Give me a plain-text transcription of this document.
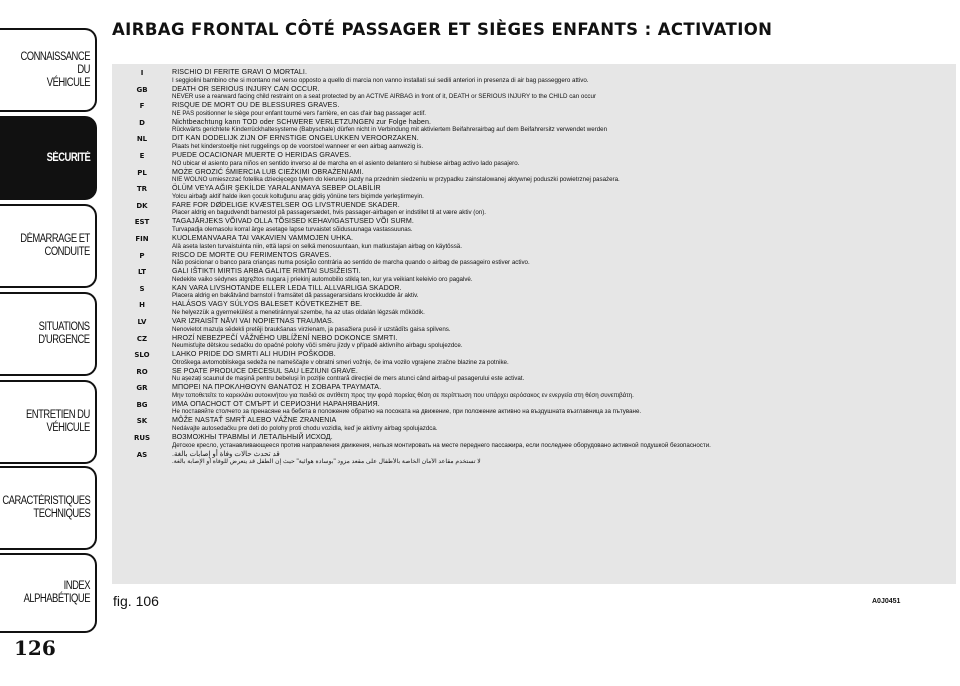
CONNAISSANCE DU
VÉHICULE
SÉCURITÉ
DÉMARRAGE ET
CONDUITE
SITUATIONS
D'URGENCE
ENTRETIEN DU
VÉHICULE
CARACTÉRISTIQUES
TECHNIQUES
INDEX
ALPHABÉTIQUE
126
AIRBAG FRONTAL CÔTÉ PASSAGER ET SIÈGES ENFANTS : ACTIVATION
I	RISCHIO DI FERITE GRAVI O MORTALI.
I seggiolini bambino che si montano nel verso opposto a quello di marcia non vanno installati sui sedili anteriori in presenza di air bag passeggero attivo.
GB	DEATH OR SERIOUS INJURY CAN OCCUR.
NEVER use a rearward facing child restraint on a seat protected by an ACTIVE AIRBAG in front of it, DEATH or SERIOUS INJURY to the CHILD can occur
F	RISQUE DE MORT OU DE BLESSURES GRAVES.
NE PAS positionner le siège pour enfant tourné vers l'arrière, en cas d'air bag passager actif.
D	Nichtbeachtung kann TOD oder SCHWERE VERLETZUNGEN zur Folge haben.
Rückwärts gerichtete Kinderrückhaltesysteme (Babyschale) dürfen nicht in Verbindung mit aktiviertem Beifahrerairbag auf dem Beifahrersitz verwendet werden
NL	DIT KAN DODELIJK ZIJN OF ERNSTIGE ONGELUKKEN VEROORZAKEN.
Plaats het kinderstoeltje niet ruggelings op de voorstoel wanneer er een airbag aanwezig is.
E	PUEDE OCACIONAR MUERTE O HERIDAS GRAVES.
NO ubicar el asiento para niños en sentido inverso al de marcha en el asiento delantero si hubiese airbag activo lado pasajero.
PL	MOŻE GROZIĆ ŚMIERCIA LUB CIEŻKIMI OBRAŻENIAMI.
NIE WOLNO umieszczać fotelika dziecięcego tyłem do kierunku jazdy na przednim siedzeniu w przypadku zainstalowanej aktywnej poduszki powietrznej pasażera.
TR	ÖLÜM VEYA AĞIR ŞEKİLDE YARALANMAYA SEBEP OLABİLİR
Yolcu airbağı aktif halde iken çocuk koltuğunu araç gidiş yönüne ters biçimde yerleştirmeyin.
DK	FARE FOR DØDELIGE KVÆSTELSER OG LIVSTRUENDE SKADER.
Placer aldrig en bagudvendt barnestol på passagersædet, hvis passager-airbagen er indstillet til at være aktiv (on).
EST	TAGAJÄRJEKS VÕIVAD OLLA TÕSISED KEHAVIGASTUSED VÕI SURM.
Turvapadja olemasolu korral ärge asetage lapse turvaistet sõidusuunaga vastassuunas.
FIN	KUOLEMANVAARA TAI VAKAVIEN VAMMOJEN UHKA.
Älä aseta lasten turvaistuinta niin, että lapsi on selkä menosuuntaan, kun matkustajan airbag on käytössä.
P	RISCO DE MORTE OU FERIMENTOS GRAVES.
Não posicionar o banco para crianças numa posição contrária ao sentido de marcha quando o airbag de passageiro estiver activo.
LT	GALI IŠTIKTI MIRTIS ARBA GALITE RIMTAI SUSIŽEISTI.
Nedekite vaiko sėdynes atgręžtos nugara į priekinį automobilio stiklą ten, kur yra veikiant keleivio oro pagalvė.
S	KAN VARA LIVSHOTANDE ELLER LEDA TILL ALLVARLIGA SKADOR.
Placera aldrig en bakåtvänd barnstol i framsätet då passagerarsidans krockkudde är aktiv.
H	HALÁSOS VAGY SÚLYOS BALESET KÖVETKEZHET BE.
Ne helyezzük a gyermekülést a menetiránnyal szembe, ha az utas oldalán légzsák működik.
LV	VAR IZRAISĪT NĀVI VAI NOPIETNAS TRAUMAS.
Nenovietot mazuļa sēdekli pretēji braukšanas virzienam, ja pasažiera pusē ir uzstādīts gaisa spilvens.
CZ	HROZÍ NEBEZPEČÍ VÁŽNÉHO UBLÍŽENÍ NEBO DOKONCE SMRTI.
Neumisťujte dětskou sedačku do opačné polohy vůči směru jízdy v případě aktivního airbagu spolujezdce.
SLO	LAHKO PRIDE DO SMRTI ALI HUDIH POŠKODB.
Otroškega avtomobilskega sedeža ne nameščajte v obratni smeri vožnje, če ima vozilo vgrajene zračne blazine za potnike.
RO	SE POATE PRODUCE DECESUL SAU LEZIUNI GRAVE.
Nu așezați scaunul de mașină pentru bebeluși în poziție contrară direcției de mers atunci când airbag-ul pasagerului este activat.
GR	ΜΠΟΡΕΙ ΝΑ ΠΡΟΚΛΗΘΟΥΝ ΘΑΝΑΤΟΣ Η ΣΟΒΑΡΑ ΤΡΑΥΜΑΤΑ.
Μην τοποθετείτε το καρεκλάκι αυτοκινήτου για παιδιά σε αντίθετη προς την φορά πορείας θέση σε περίπτωση που υπάρχει αερόσακος εν ενεργεία στη θέση συνεπιβάτη.
BG	ИМА ОПАСНОСТ ОТ СМЪРТ И СЕРИОЗНИ НАРАНЯВАНИЯ.
Не поставяйте столчето за пренасяне на бебета в положение обратно на посоката на движение, при положение активно на въздушната възглавница за пътуване.
SK	MÔŽE NASTAŤ SMRŤ ALEBO VÁŽNE ZRANENIA
Nedávajte autosedačku pre deti do polohy proti chodu vozidla, keď je aktívny airbag spolujazdca.
RUS	ВОЗМОЖНЫ ТРАВМЫ И ЛЕТАЛЬНЫЙ ИСХОД.
Детское кресло, устанавливающееся против направления движения, нельзя монтировать на месте переднего пассажира, если последнее оборудовано активной подушкой безопасности.
AS	قد تحدث حالات وفاة أو إصابات بالغة.
لا تستخدم مقاعد الأمان الخاصة بالأطفال على مقعد مزود "بوسادة هوائية" حيث إن الطفل قد يتعرض للوفاة أو الإصابة بالغة.
fig. 106	A0J0451
